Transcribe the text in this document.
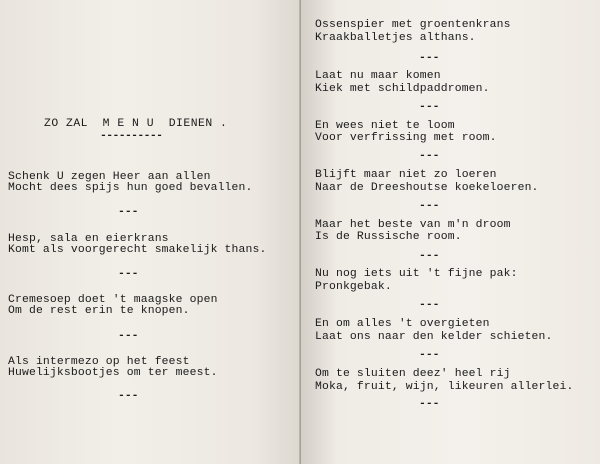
ZO ZAL  M E N U  DIENEN .
----------
Schenk U zegen Heer aan allen
Mocht dees spijs hun goed bevallen.
---
Hesp, sala en eierkrans
Komt als voorgerecht smakelijk thans.
---
Cremesoep doet 't maagske open
Om de rest erin te knopen.
---
Als intermezo op het feest
Huwelijksbootjes om ter meest.
---
Ossenspier met groentenkrans
Kraakballetjes althans.
---
Laat nu maar komen
Kiek met schildpaddromen.
---
En wees niet te loom
Voor verfrissing met room.
---
Blijft maar niet zo loeren
Naar de Dreeshoutse koekeloeren.
---
Maar het beste van m'n droom
Is de Russische room.
---
Nu nog iets uit 't fijne pak:
Pronkgebak.
---
En om alles 't overgieten
Laat ons naar den kelder schieten.
---
Om te sluiten deez' heel rij
Moka, fruit, wijn, likeuren allerlei.
---
